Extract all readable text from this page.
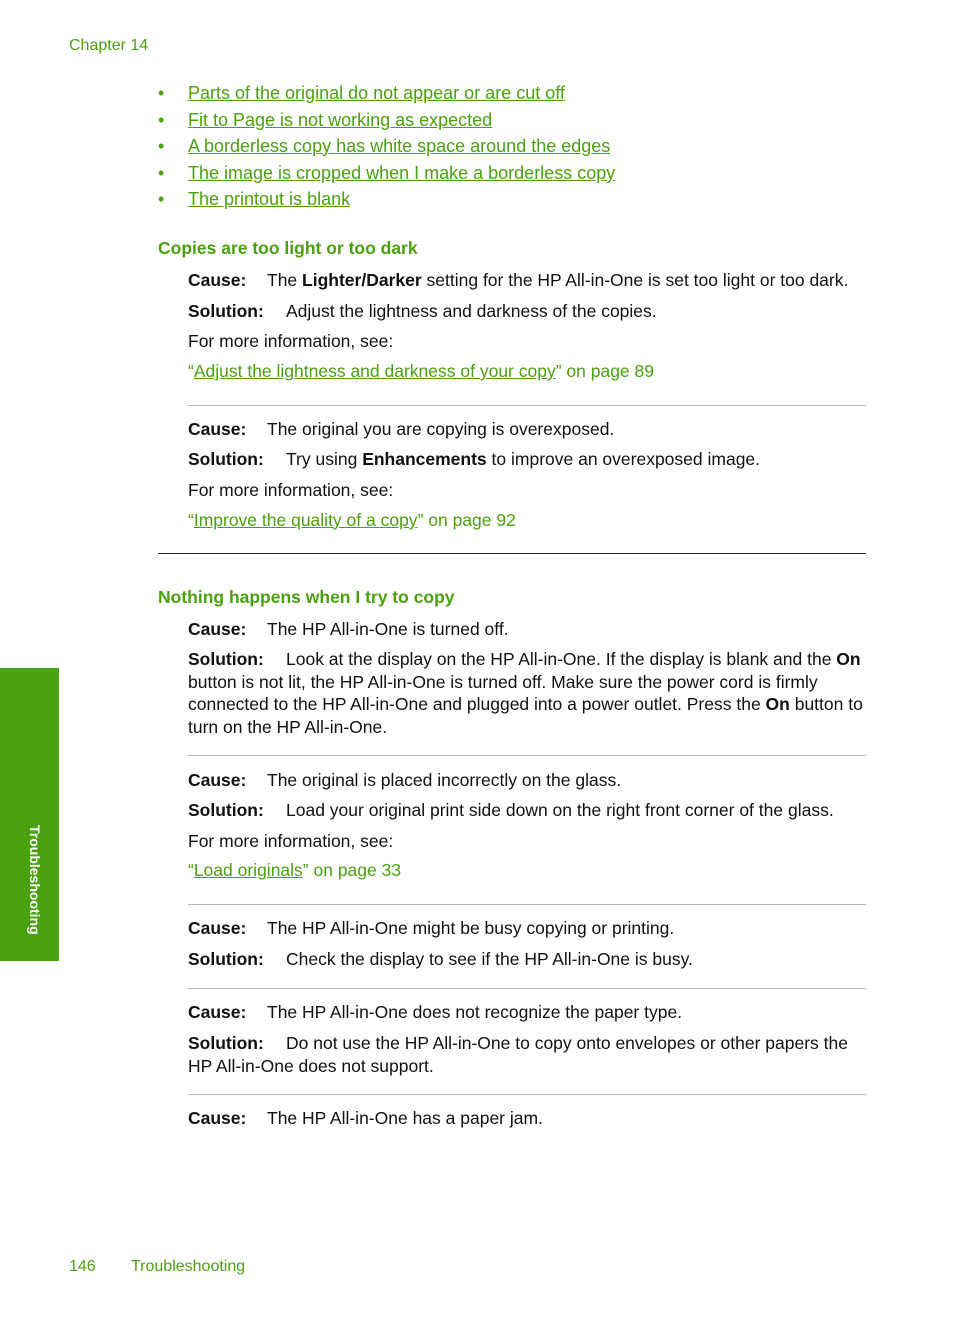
Chapter 14
• Parts of the original do not appear or are cut off
• Fit to Page is not working as expected
• A borderless copy has white space around the edges
• The image is cropped when I make a borderless copy
• The printout is blank
Copies are too light or too dark
Cause: The Lighter/Darker setting for the HP All-in-One is set too light or too dark.
Solution: Adjust the lightness and darkness of the copies.
For more information, see:
“Adjust the lightness and darkness of your copy” on page 89
Cause: The original you are copying is overexposed.
Solution: Try using Enhancements to improve an overexposed image.
For more information, see:
“Improve the quality of a copy” on page 92
Nothing happens when I try to copy
Cause: The HP All-in-One is turned off.
Solution: Look at the display on the HP All-in-One. If the display is blank and the On button is not lit, the HP All-in-One is turned off. Make sure the power cord is firmly connected to the HP All-in-One and plugged into a power outlet. Press the On button to turn on the HP All-in-One.
Cause: The original is placed incorrectly on the glass.
Solution: Load your original print side down on the right front corner of the glass.
For more information, see:
“Load originals” on page 33
Cause: The HP All-in-One might be busy copying or printing.
Solution: Check the display to see if the HP All-in-One is busy.
Cause: The HP All-in-One does not recognize the paper type.
Solution: Do not use the HP All-in-One to copy onto envelopes or other papers the HP All-in-One does not support.
Cause: The HP All-in-One has a paper jam.
Troubleshooting
146 Troubleshooting
